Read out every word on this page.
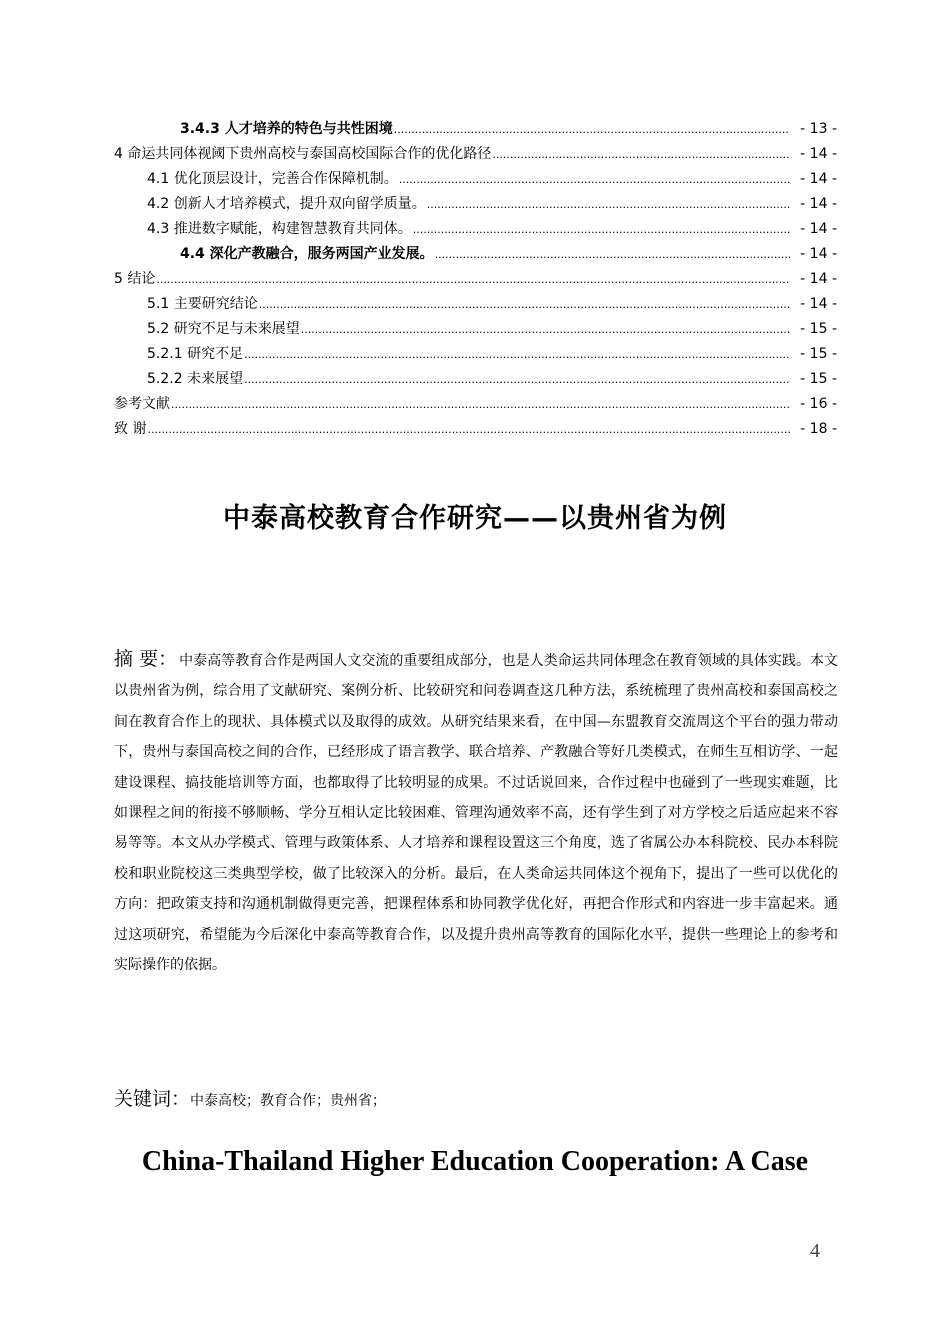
3.4.3 人才培养的特色与共性困境 .....	- 13 -
4 命运共同体视阈下贵州高校与泰国高校国际合作的优化路径 .....	- 14 -
4.1 优化顶层设计，完善合作保障机制。 .....	- 14 -
4.2 创新人才培养模式，提升双向留学质量。 .....	- 14 -
4.3 推进数字赋能，构建智慧教育共同体。 .....	- 14 -
4.4 深化产教融合，服务两国产业发展。 .....	- 14 -
5 结论 .....	- 14 -
5.1 主要研究结论 .....	- 14 -
5.2 研究不足与未来展望 .....	- 15 -
5.2.1 研究不足 .....	- 15 -
5.2.2 未来展望 .....	- 15 -
参考文献 .....	- 16 -
致 谢 .....	- 18 -
中泰高校教育合作研究——以贵州省为例
摘 要： 中泰高等教育合作是两国人文交流的重要组成部分，也是人类命运共同体理念在教育领域的具体实践。本文以贵州省为例，综合用了文献研究、案例分析、比较研究和问卷调查这几种方法，系统梳理了贵州高校和泰国高校之间在教育合作上的现状、具体模式以及取得的成效。从研究结果来看，在中国—东盟教育交流周这个平台的强力带动下，贵州与泰国高校之间的合作，已经形成了语言教学、联合培养、产教融合等好几类模式，在师生互相访学、一起建设课程、搞技能培训等方面，也都取得了比较明显的成果。不过话说回来，合作过程中也碰到了一些现实难题，比如课程之间的衔接不够顺畅、学分互相认定比较困难、管理沟通效率不高，还有学生到了对方学校之后适应起来不容易等等。本文从办学模式、管理与政策体系、人才培养和课程设置这三个角度，选了省属公办本科院校、民办本科院校和职业院校这三类典型学校，做了比较深入的分析。最后，在人类命运共同体这个视角下，提出了一些可以优化的方向：把政策支持和沟通机制做得更完善，把课程体系和协同教学优化好，再把合作形式和内容进一步丰富起来。通过这项研究，希望能为今后深化中泰高等教育合作，以及提升贵州高等教育的国际化水平，提供一些理论上的参考和实际操作的依据。
关键词：中泰高校；教育合作；贵州省；
China-Thailand Higher Education Cooperation: A Case
4
